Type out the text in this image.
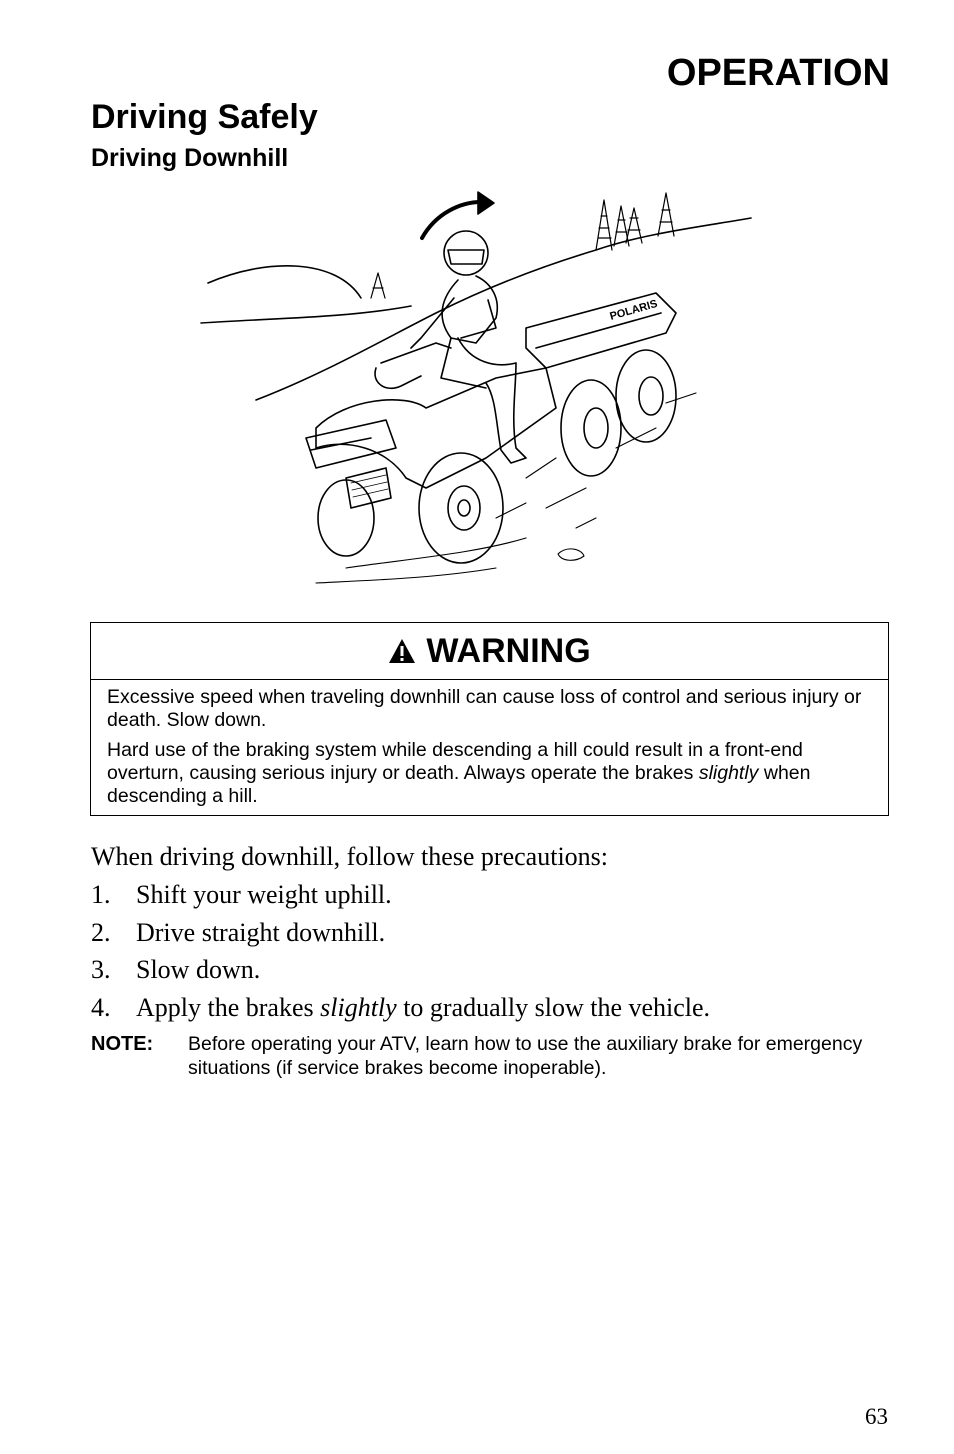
OPERATION
Driving Safely
Driving Downhill
POLARIS
WARNING

Excessive speed when traveling downhill can cause loss of control and serious injury or death. Slow down.

Hard use of the braking system while descending a hill could result in a front-end overturn, causing serious injury or death. Always operate the brakes slightly when descending a hill.

When driving downhill, follow these precautions:

1. Shift your weight uphill.
2. Drive straight downhill.
3. Slow down.
4. Apply the brakes slightly to gradually slow the vehicle.
NOTE:	Before operating your ATV, learn how to use the auxiliary brake for emergency situations (if service brakes become inoperable).
63
